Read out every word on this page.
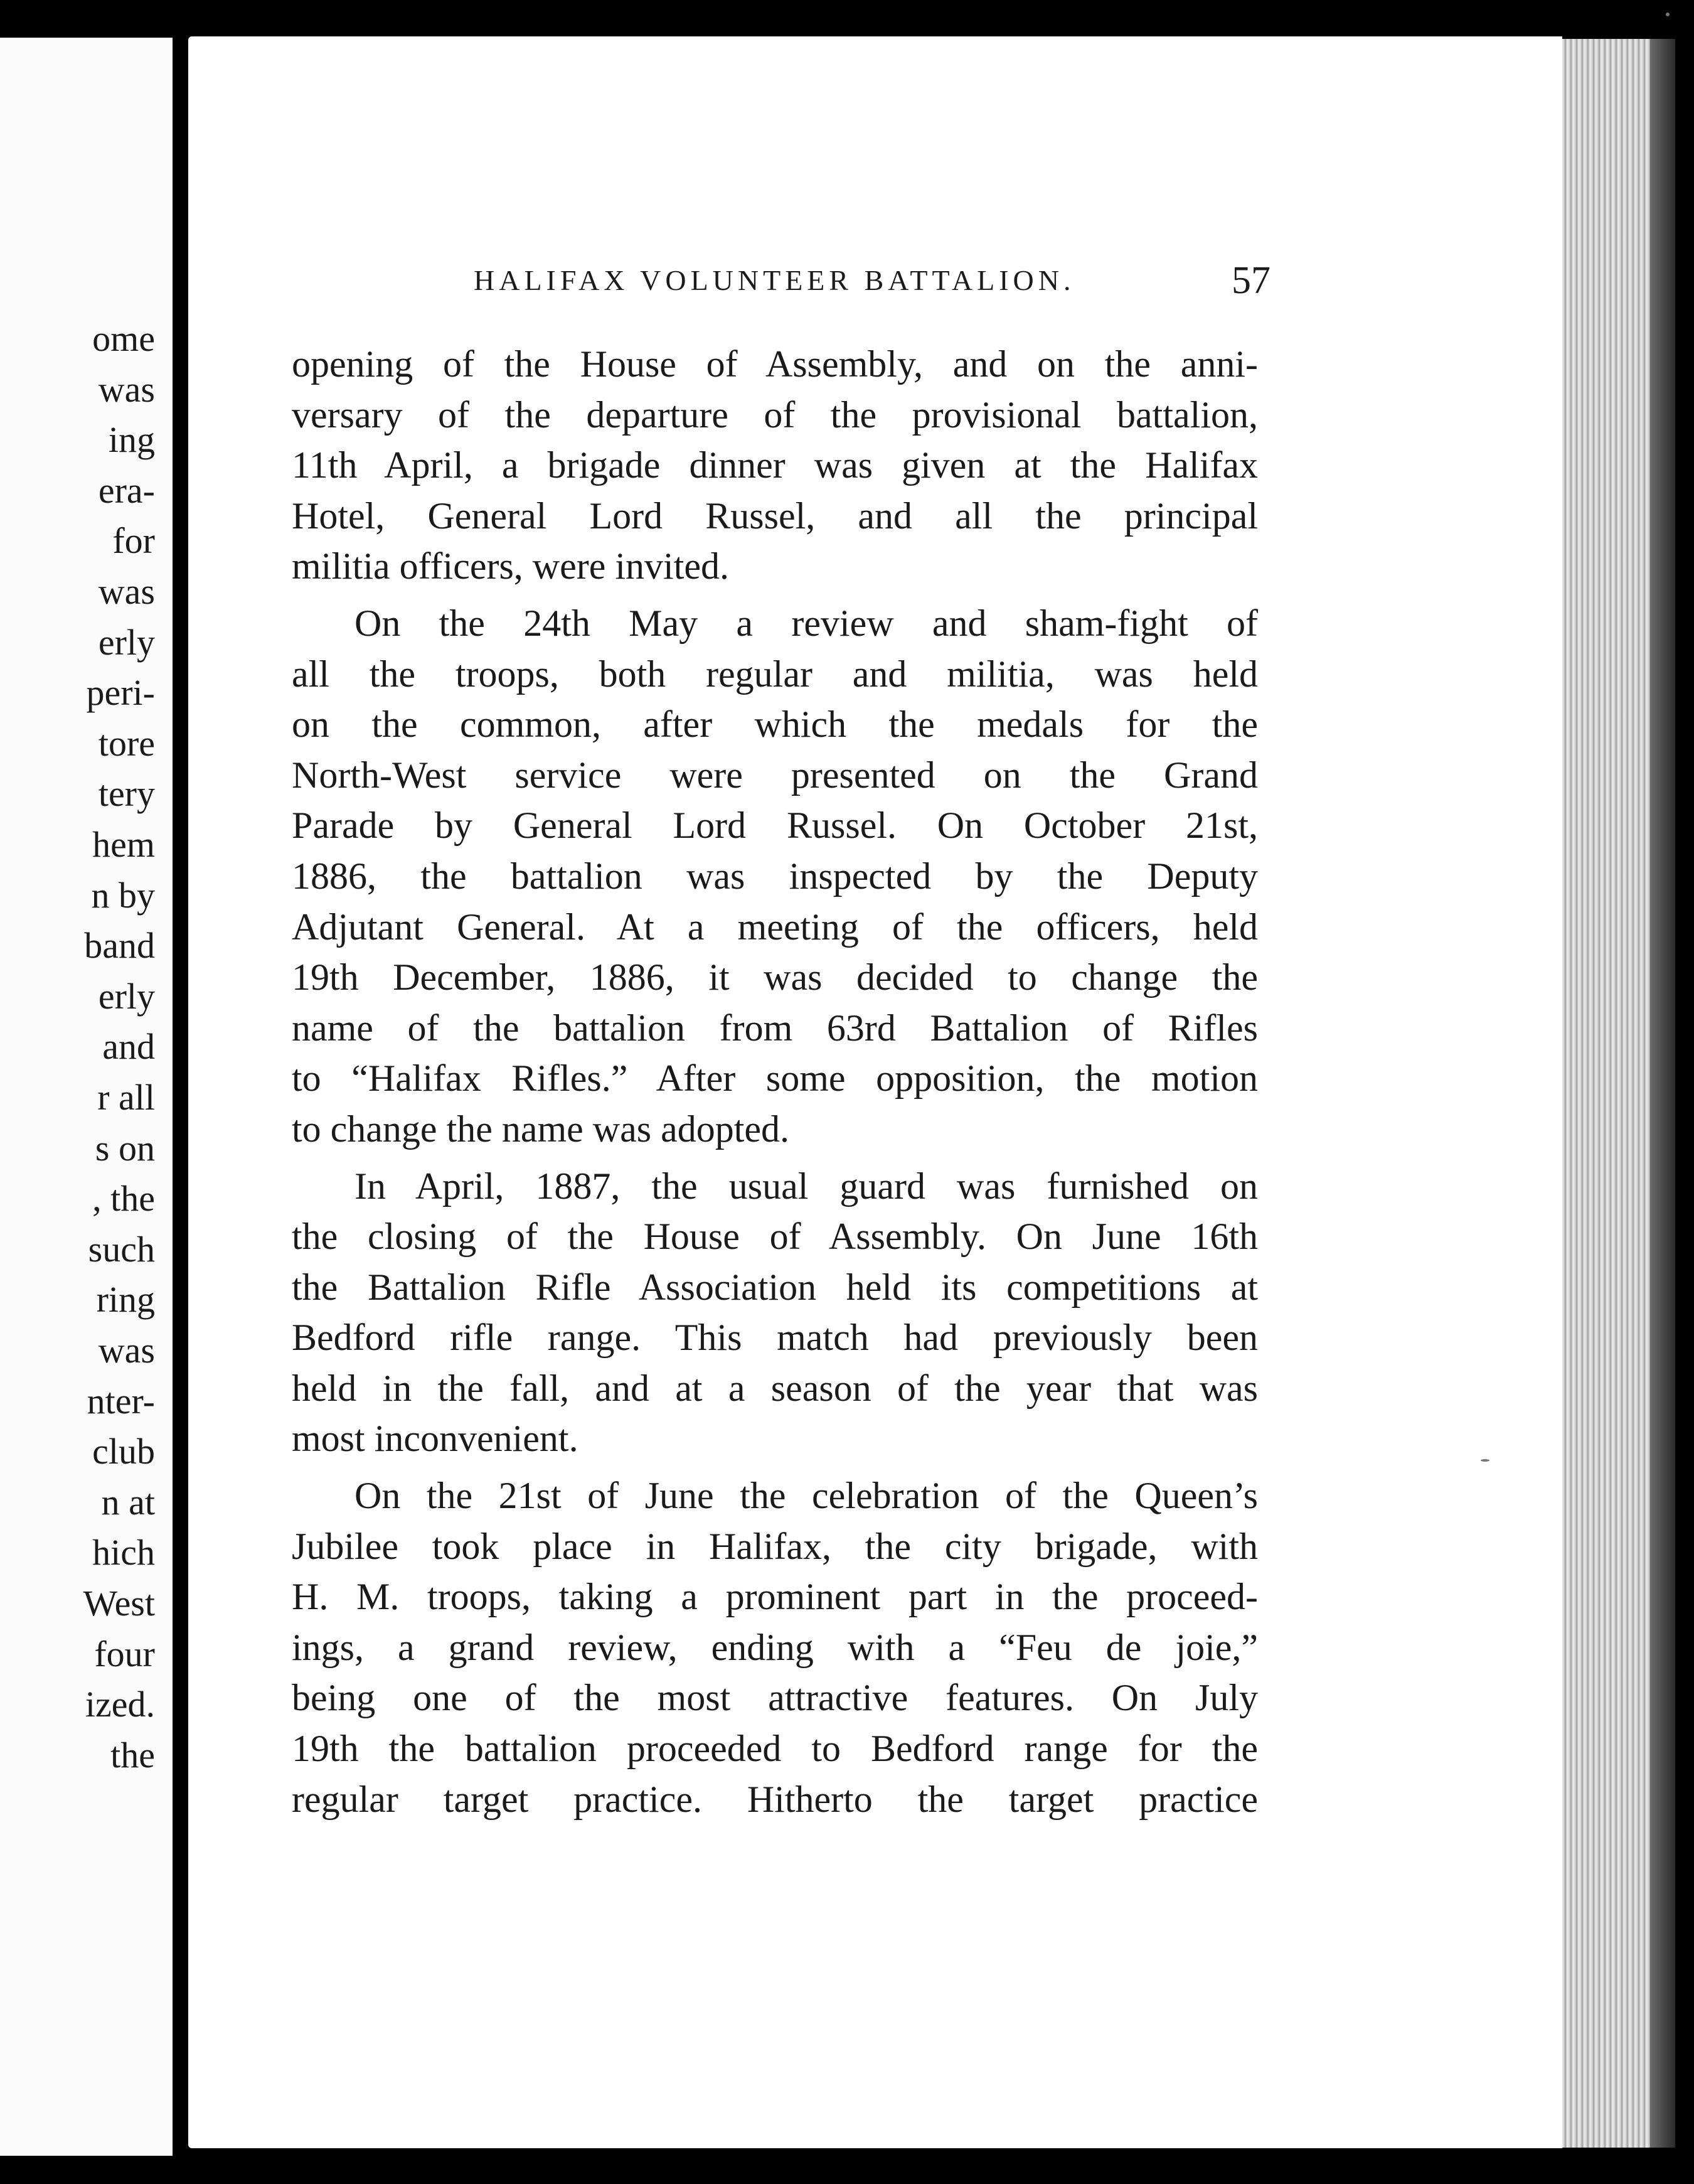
ome
was
ing
era-
for
was
erly
peri-
tore
tery
hem
n by
band
erly
and
r all
s on
, the
such
ring
was
nter-
club
n at
hich
West
four
ized.
the
HALIFAX VOLUNTEER BATTALION.	57
opening of the House of Assembly, and on the anni-
versary of the departure of the provisional battalion,
11th April, a brigade dinner was given at the Halifax
Hotel, General Lord Russel, and all the principal
militia officers, were invited.
On the 24th May a review and sham-fight of
all the troops, both regular and militia, was held
on the common, after which the medals for the
North-West service were presented on the Grand
Parade by General Lord Russel. On October 21st,
1886, the battalion was inspected by the Deputy
Adjutant General. At a meeting of the officers, held
19th December, 1886, it was decided to change the
name of the battalion from 63rd Battalion of Rifles
to “Halifax Rifles.” After some opposition, the motion
to change the name was adopted.
In April, 1887, the usual guard was furnished on
the closing of the House of Assembly. On June 16th
the Battalion Rifle Association held its competitions at
Bedford rifle range. This match had previously been
held in the fall, and at a season of the year that was
most inconvenient.
On the 21st of June the celebration of the Queen’s
Jubilee took place in Halifax, the city brigade, with
H. M. troops, taking a prominent part in the proceed-
ings, a grand review, ending with a “Feu de joie,”
being one of the most attractive features. On July
19th the battalion proceeded to Bedford range for the
regular target practice. Hitherto the target practice
